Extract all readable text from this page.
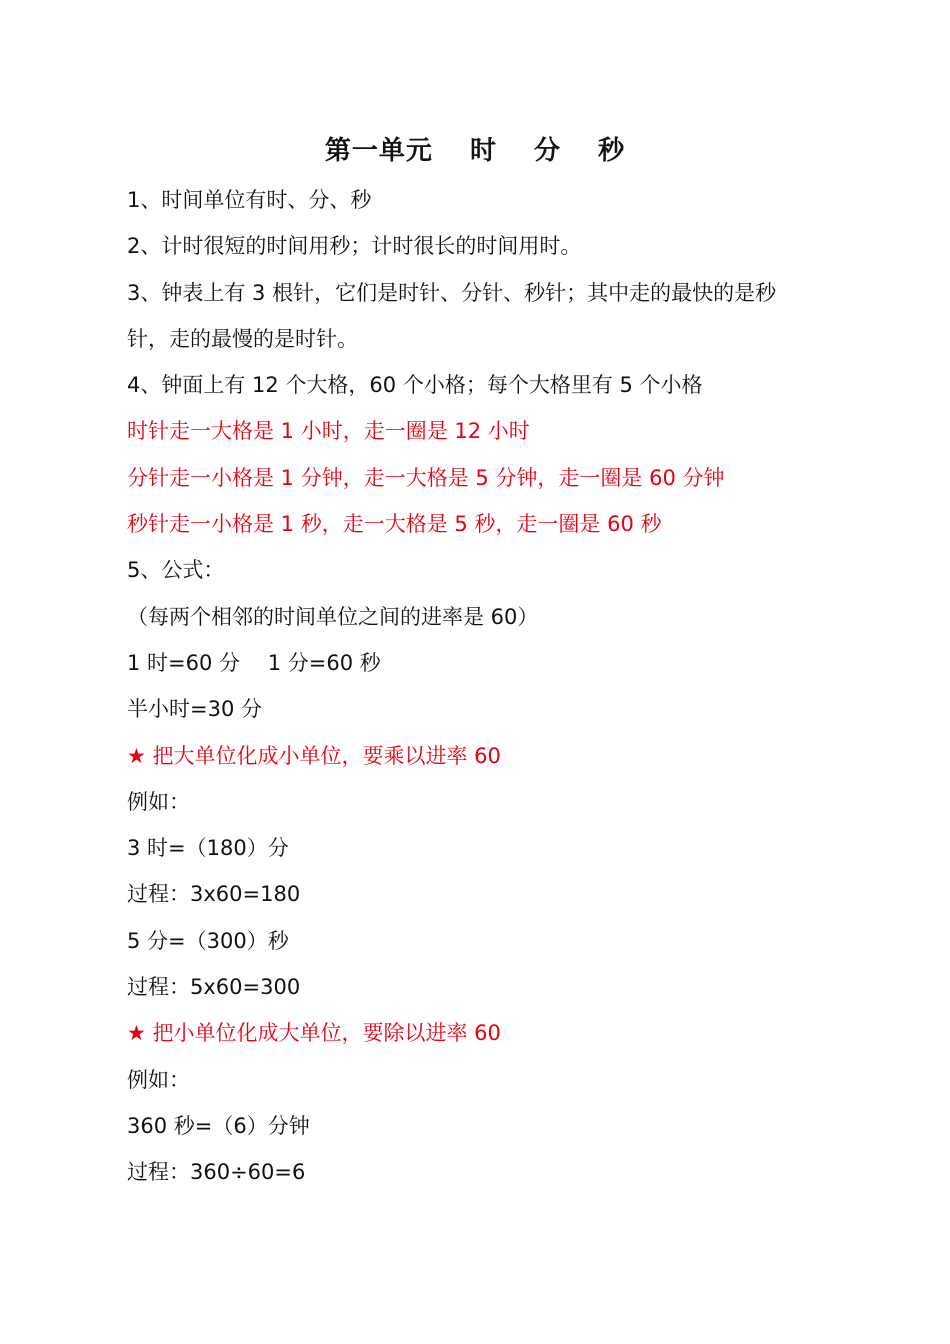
第一单元　 时　 分　 秒
1、时间单位有时、分、秒
2、计时很短的时间用秒；计时很长的时间用时。
3、钟表上有 3 根针，它们是时针、分针、秒针；其中走的最快的是秒
针，走的最慢的是时针。
4、钟面上有 12 个大格，60 个小格；每个大格里有 5 个小格
时针走一大格是 1 小时，走一圈是 12 小时
分针走一小格是 1 分钟，走一大格是 5 分钟，走一圈是 60 分钟
秒针走一小格是 1 秒，走一大格是 5 秒，走一圈是 60 秒
5、公式：
（每两个相邻的时间单位之间的进率是 60）
1 时=60 分　 1 分=60 秒
半小时=30 分
★ 把大单位化成小单位，要乘以进率 60
例如：
3 时=（180）分
过程：3x60=180
5 分=（300）秒
过程：5x60=300
★ 把小单位化成大单位，要除以进率 60
例如：
360 秒=（6）分钟
过程：360÷60=6
